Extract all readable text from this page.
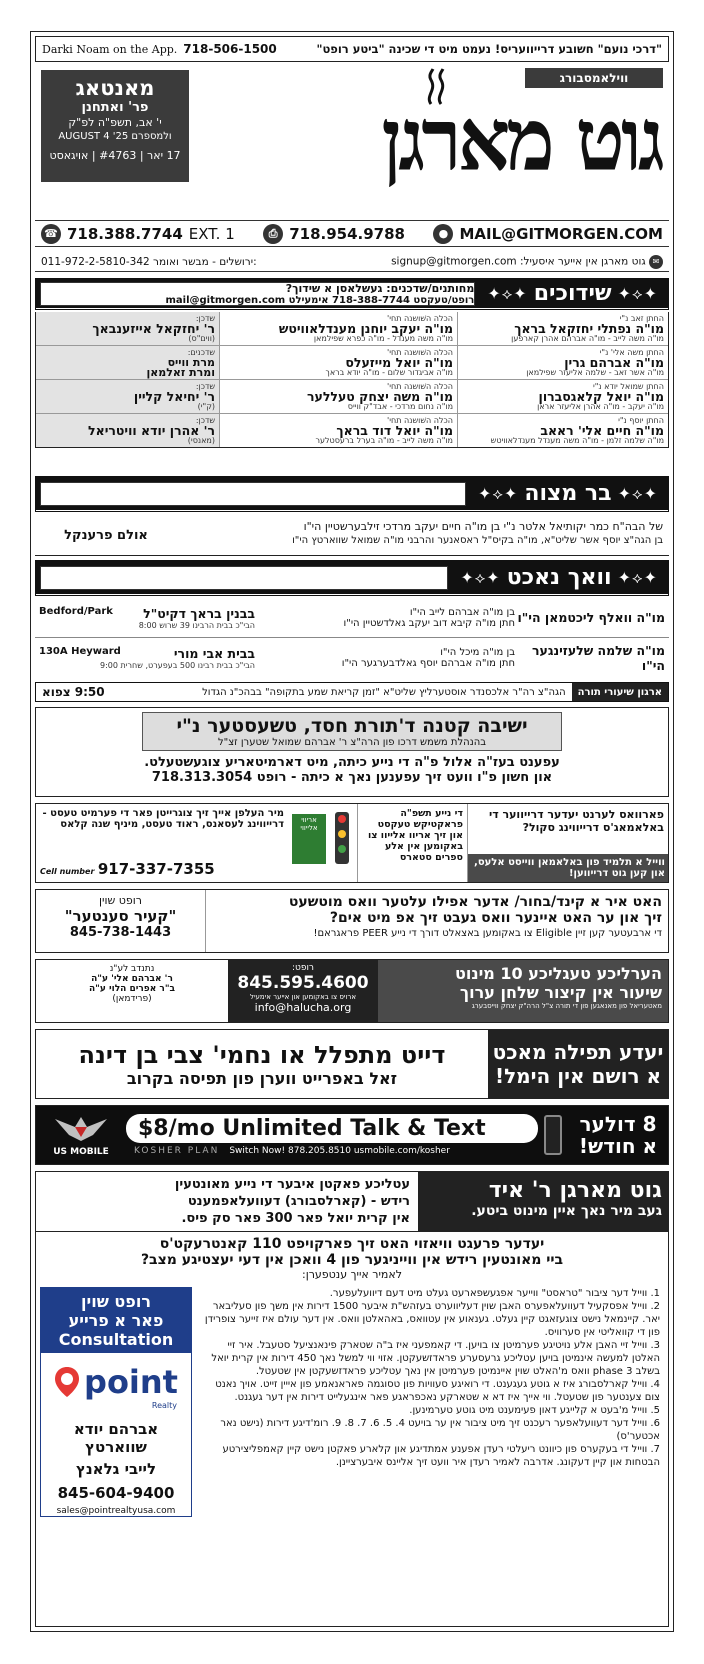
Darki Noam on the App. 718-506-1500	"דרכי נועם" חשובע דרייוועריס! נעמט מיט די שכינה "ביטע רופט"
מאנטאג
פר' ואתחנן
י' אב, תשפ"ה לפ"ק
ולמספרם AUGUST 4 '25
17 יאר | #4763 | אויגאסט
ווילאמסבורג
גוט מארגן
☎ 718.388.7744 EXT. 1	⎙ 718.954.9788	● MAIL@GITMORGEN.COM
011-972-2-5810-342 ירושלים - מבשר ואומר:	✉ גוט מארגן אין אייער איסעיל: signup@gitmorgen.com
✦⟡✦
שידוכים
✦⟡✦
מחותנים/שדכנים: געשלאסן א שידוך?
רופט/טעקסט 718-388-7744 אימעילט mail@gitmorgen.com
החתן זאב נ"י
מו"ה נפתלי יחזקאל בראך
מו"ה משה לייב - מו"ה אברהם אהרן קארפען
הכלה השׁושנה תחי'
מו"ה יעקב יוחנן מענדלאוויטש
מו"ה משה מענדל - מו"ה כפרא שפילמאן
שדכן:
ר' יחזקאל אייזענבאך
(ווים"ס)
החתן משה אלי' נ"י
מו"ה אברהם גרין
מו"ה אשר זאב - שלמה אליעזר שפילמאן
הכלה השׁושנה תחי'
מו"ה יואל מייזעלס
מו"ה אביגדור שלום - מו"ה יודא בראך
שדכנים:
מרת ווייס
ומרת זאלמאן
החתן שמואל יודא נ"י
מו"ה יואל קלאגסברון
מו"ה יעקב - מו"ה אהרן אליעזר אראן
הכלה השׁושנה תחי'
מו"ה משה יצחק טעללער
מו"ה נחום מרדכי - אבד"ק ווייס
שדכן:
ר' יחיאל קליין
(ק"י)
החתן יוסף נ"י
מו"ה חיים אלי' ראאב
מו"ה שלמה זלמן - מו"ה משה מענדל מענדלאוויטש
הכלה השׁושנה תחי'
מו"ה יואל דוד בראך
מו"ה משה לייב - מו"ה בערל ברעסטלער
שדכן:
ר' אהרן יודא וויטריאל
(מאנסי)
✦⟡✦
בר מצוה
✦⟡✦
של הבה"ח כמר יקותיאל אלטר נ"י בן מו"ה חיים יעקב מרדכי זילבערשטיין הי"ו
בן הגה"צ יוסף אשר שליט"א, מו"ה בקיס"ל ראסאנער והרבני מו"ה שמואל שווארטץ הי"ו
אולם פרענקל
✦⟡✦
וואך נאכט
✦⟡✦
מו"ה וואלף ליכטמאן הי"ו
בן מו"ה אברהם לייב הי"ו
חתן מו"ה קיבא דוב יעקב גאלדשטיין הי"ו
בבנין בראך דקיט"ל
Bedford/Park
הבי"כ בבית הרבינו 39 שרוש 8:00
מו"ה שלמה שלעזינגער הי"ו
בן מו"ה מיכל הי"ו
חתן מו"ה אברהם יוסף גאלדבערגער הי"ו
בבית אבי מורי
130A Heyward
הבי"כ בבית רבינו 500 בעפערט, שחרית 9:00
ארגון שיעורי תורה
הגה"צ רה"ר אלכסנדר אוסטערליץ שליט"א "זמן קריאת שמע בתקופה" בבהכ"נ הגדול
9:50 צפוא
ישיבה קטנה ד'תורת חסד, טשעסטער נ"י
בהנהלת משמש דרכו פון הרה"צ ר' אברהם שמואל שטערן זצ"ל
עפענט בעז"ה אלול פ"ה די נייע כיתה, מיט דארמיטאריע צוגעשטעלט.
און חשון פ"ו וועט זיך עפענען נאך א כיתה - רופט 718.313.3054
פארוואס לערנט יעדער דרייווער די באלאמאג'ס דרייווינג סקול?
ווייל א תלמיד פון באלאמאן ווייסט אלעס, און קען גוט דרייווען!
די נייע תשפ"ה פראקטיקש טעקסט און זיך אריוו אלייוו צו באקומען אין אלע ספרים סטארס
אריווי אלייווי
מיר העלפן אייך זיך צוגרייטן פאר די פערמיט טעסט - דרייווינג לעסאנס, ראוד טעסט, מיניף שנה קלאס
Cell number 917-337-7355
האט איר א קינד/בחור/ אדער אפילו עלטער וואס מוטשעט
זיך און ער האט איינער וואס געבט זיך אפ מיט אים?
די ארבעטער קען זיין Eligible צו באקומען באצאלט דורך די נייע PEER פראגראם!
רופט שוין
"קעיר סענטער"
845-738-1443
הערליכע טעגליכע 10 מינוט
שיעור אין קיצור שלחן ערוך
מאטעריאל פון מאנאגען פון די תורה צ"ל הרה"ק יצחק ווייסבערג
רופט:
845.595.4600
ארויס צו באקומען און אייער אימעיל
info@halucha.org
נתנדב לע"נ
ר' אברהם אלי' ע"ה
ב"ר אפרים הלוי ע"ה
(פרידמאן)
יעדע תפילה מאכט
א רושם אין הימל!
דייט מתפלל או נחמי' צבי בן דינה
זאל באפרייט ווערן פון תפיסה בקרוב
US MOBILE
$8/mo Unlimited Talk & Text
KOSHER PLAN Switch Now! 878.205.8510 usmobile.com/kosher
8 דולער
א חודש!
גוט מארגן ר' איד
געב מיר נאך איין מינוט ביטע.
עטליכע פאקטן איבער די נייע מאונטעין
רידש - (קארלסבורג) דעוועלאפמענט
אין קרית יואל פאר 300 פאר סק פיס.
יעדער פרעגט וויאזוי האט זיך פארקויפט 110 קאנטרעקט'ס
ביי מאונטעין רידש אין ווייניגער פון 4 וואכן אין דעי יעצטיגע מצב?
לאמיר אייך ענטפערן:
1. ווייל דער ציבור "טראסט" ווייער אפגעשפארעט געלט מיט דעם דיוועלעפער.
2. ווייל אפסקעיל דעוועלאפערס האבן שוין דעליווערט בעזהש"ת איבער 1500 דירות אין משך פון סעליבאר יאר. קיינמאל נישט צוגעזאגט קיין געלט. גענאוע אין עטוואס, באהאלטן וואס. אין דער עולם איז זייער צופרידן פון די קוואליטי אין סערוויס.
3. ווייל זיי האבן אלע נויטיגע פערמיטן צו בויען. די קאמפעני איז ב"ה שטארק פינאנציעל סטעבל. איר זיי האלטן למעשה אינמיטן בויען עטליכע גרעסערע פראדזשעקטן. אזוי ווי למשל נאך 450 דירות אין קרית יואל בשלב phase 3 וואס מ'האלט שוין איינמיטן פערמיטן אין נאך עטליכע פראדזשעקטן אין שטעטל.
4. ווייל קארלסבורג איז א גוטע געגענט. די רואיגע סעוויות פון טסוגמה פאראנאמע פון אייין זייט. אויך נאנט צום צענטער פון שטעטל. ווי אייך איז דא א שטארקע נאכפראגע פאר אינגעלייט דירות אין דער געגנט.
5. ווייל מ'בעט א קלייגע דאון פעימענט מיט גוטע טערמינען.
6. ווייל דער דעוועלאפער רעכנט זיך מיט ציבור אין ער בויעט 4. 5. 6. 7. 8. 9. רומ'דיגע דירות (נישט נאר אכטער'ס)
7. ווייל די בעקערס פון כיוונט ריעלטי רעדן אפענע אמתדיגע און קלארע פאקטן נישט קיין קאמפליצירטע הבטחות און קיין דעקונג. אדרבה לאמיר רעדן איר וועט זיך אליינס איבערציינן.
רופט שוין
פאר א פרייע
Consultation
point
Realty
אברהם יודא
שווארטץ
לייבי גלאנץ
845-604-9400
sales@pointrealtyusa.com
